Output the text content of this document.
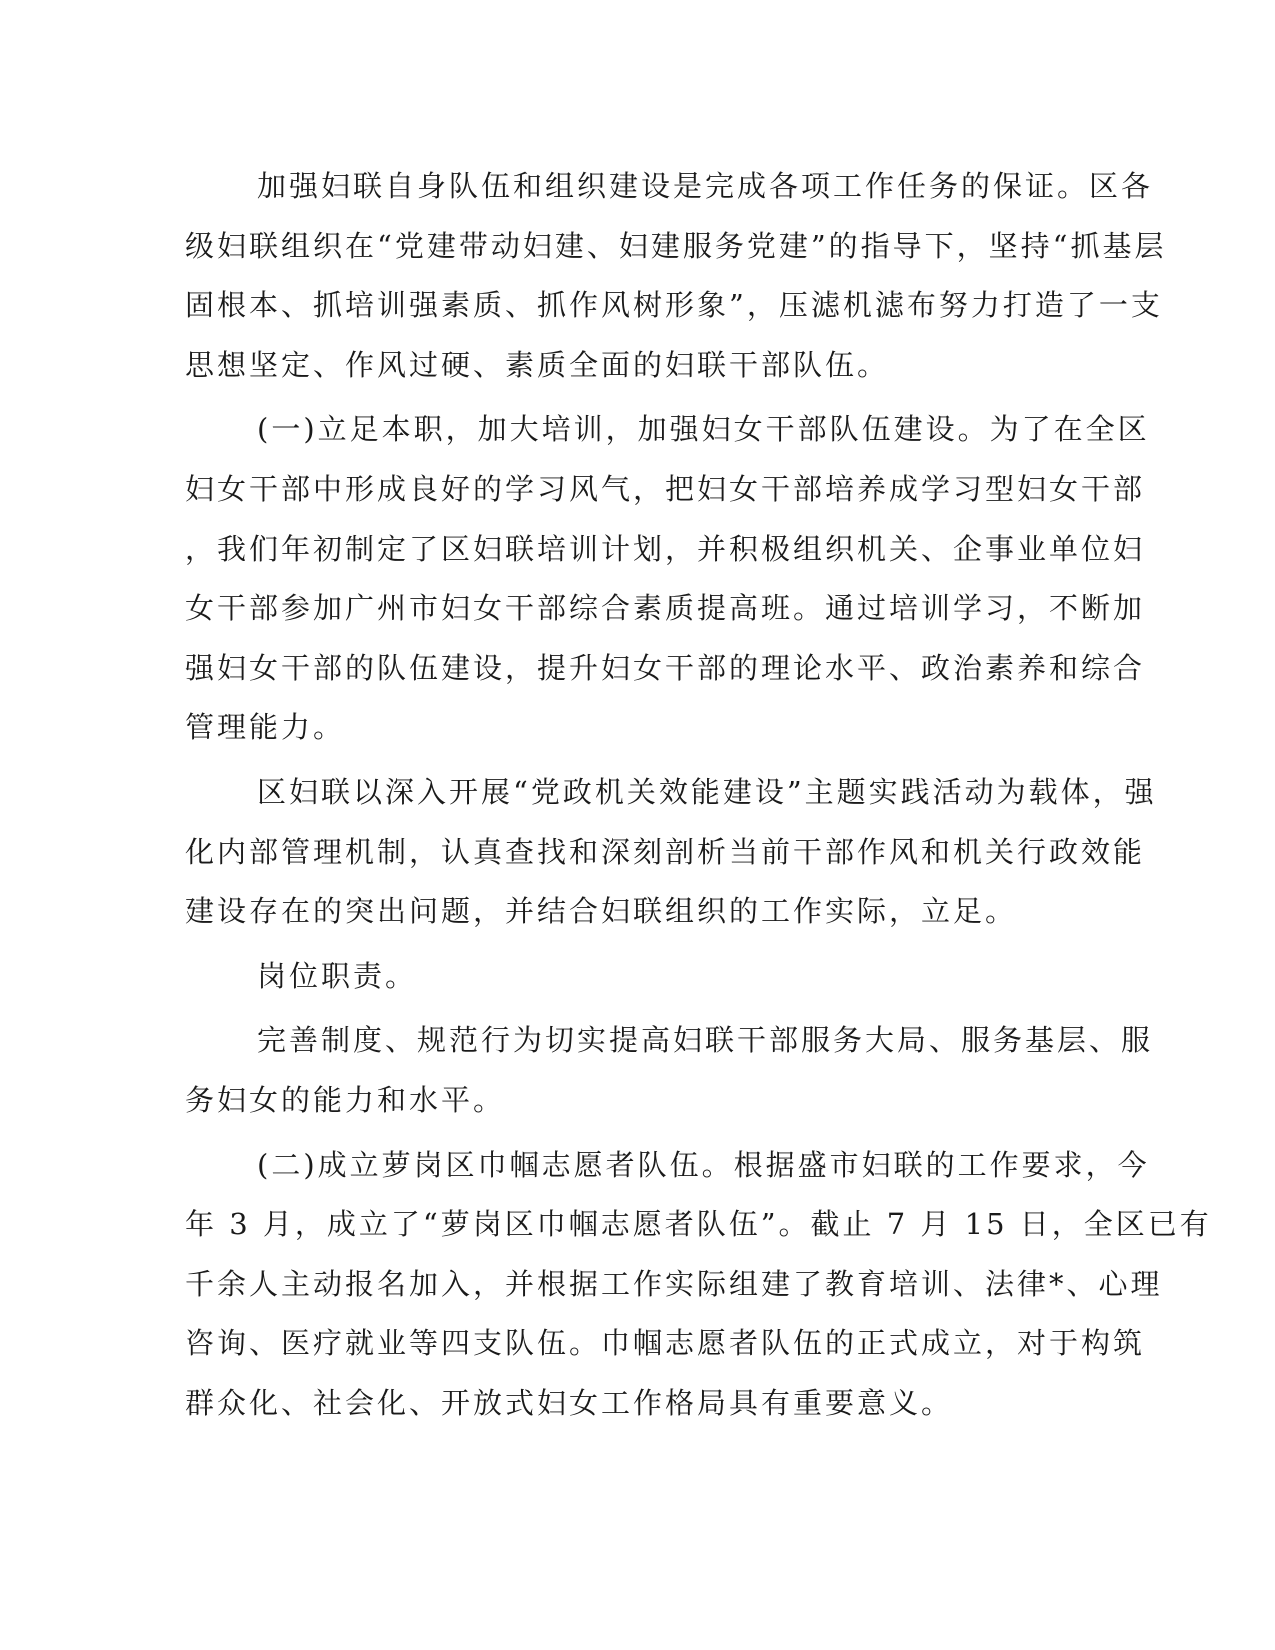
加强妇联自身队伍和组织建设是完成各项工作任务的保证。区各
级妇联组织在“党建带动妇建、妇建服务党建”的指导下，坚持“抓基层
固根本、抓培训强素质、抓作风树形象”，压滤机滤布努力打造了一支
思想坚定、作风过硬、素质全面的妇联干部队伍。
(一)立足本职，加大培训，加强妇女干部队伍建设。为了在全区
妇女干部中形成良好的学习风气，把妇女干部培养成学习型妇女干部
，我们年初制定了区妇联培训计划，并积极组织机关、企事业单位妇
女干部参加广州市妇女干部综合素质提高班。通过培训学习，不断加
强妇女干部的队伍建设，提升妇女干部的理论水平、政治素养和综合
管理能力。
区妇联以深入开展“党政机关效能建设”主题实践活动为载体，强
化内部管理机制，认真查找和深刻剖析当前干部作风和机关行政效能
建设存在的突出问题，并结合妇联组织的工作实际，立足。
岗位职责。
完善制度、规范行为切实提高妇联干部服务大局、服务基层、服
务妇女的能力和水平。
(二)成立萝岗区巾帼志愿者队伍。根据盛市妇联的工作要求，今
年 3 月，成立了“萝岗区巾帼志愿者队伍”。截止 7 月 15 日，全区已有
千余人主动报名加入，并根据工作实际组建了教育培训、法律*、心理
咨询、医疗就业等四支队伍。巾帼志愿者队伍的正式成立，对于构筑
群众化、社会化、开放式妇女工作格局具有重要意义。
